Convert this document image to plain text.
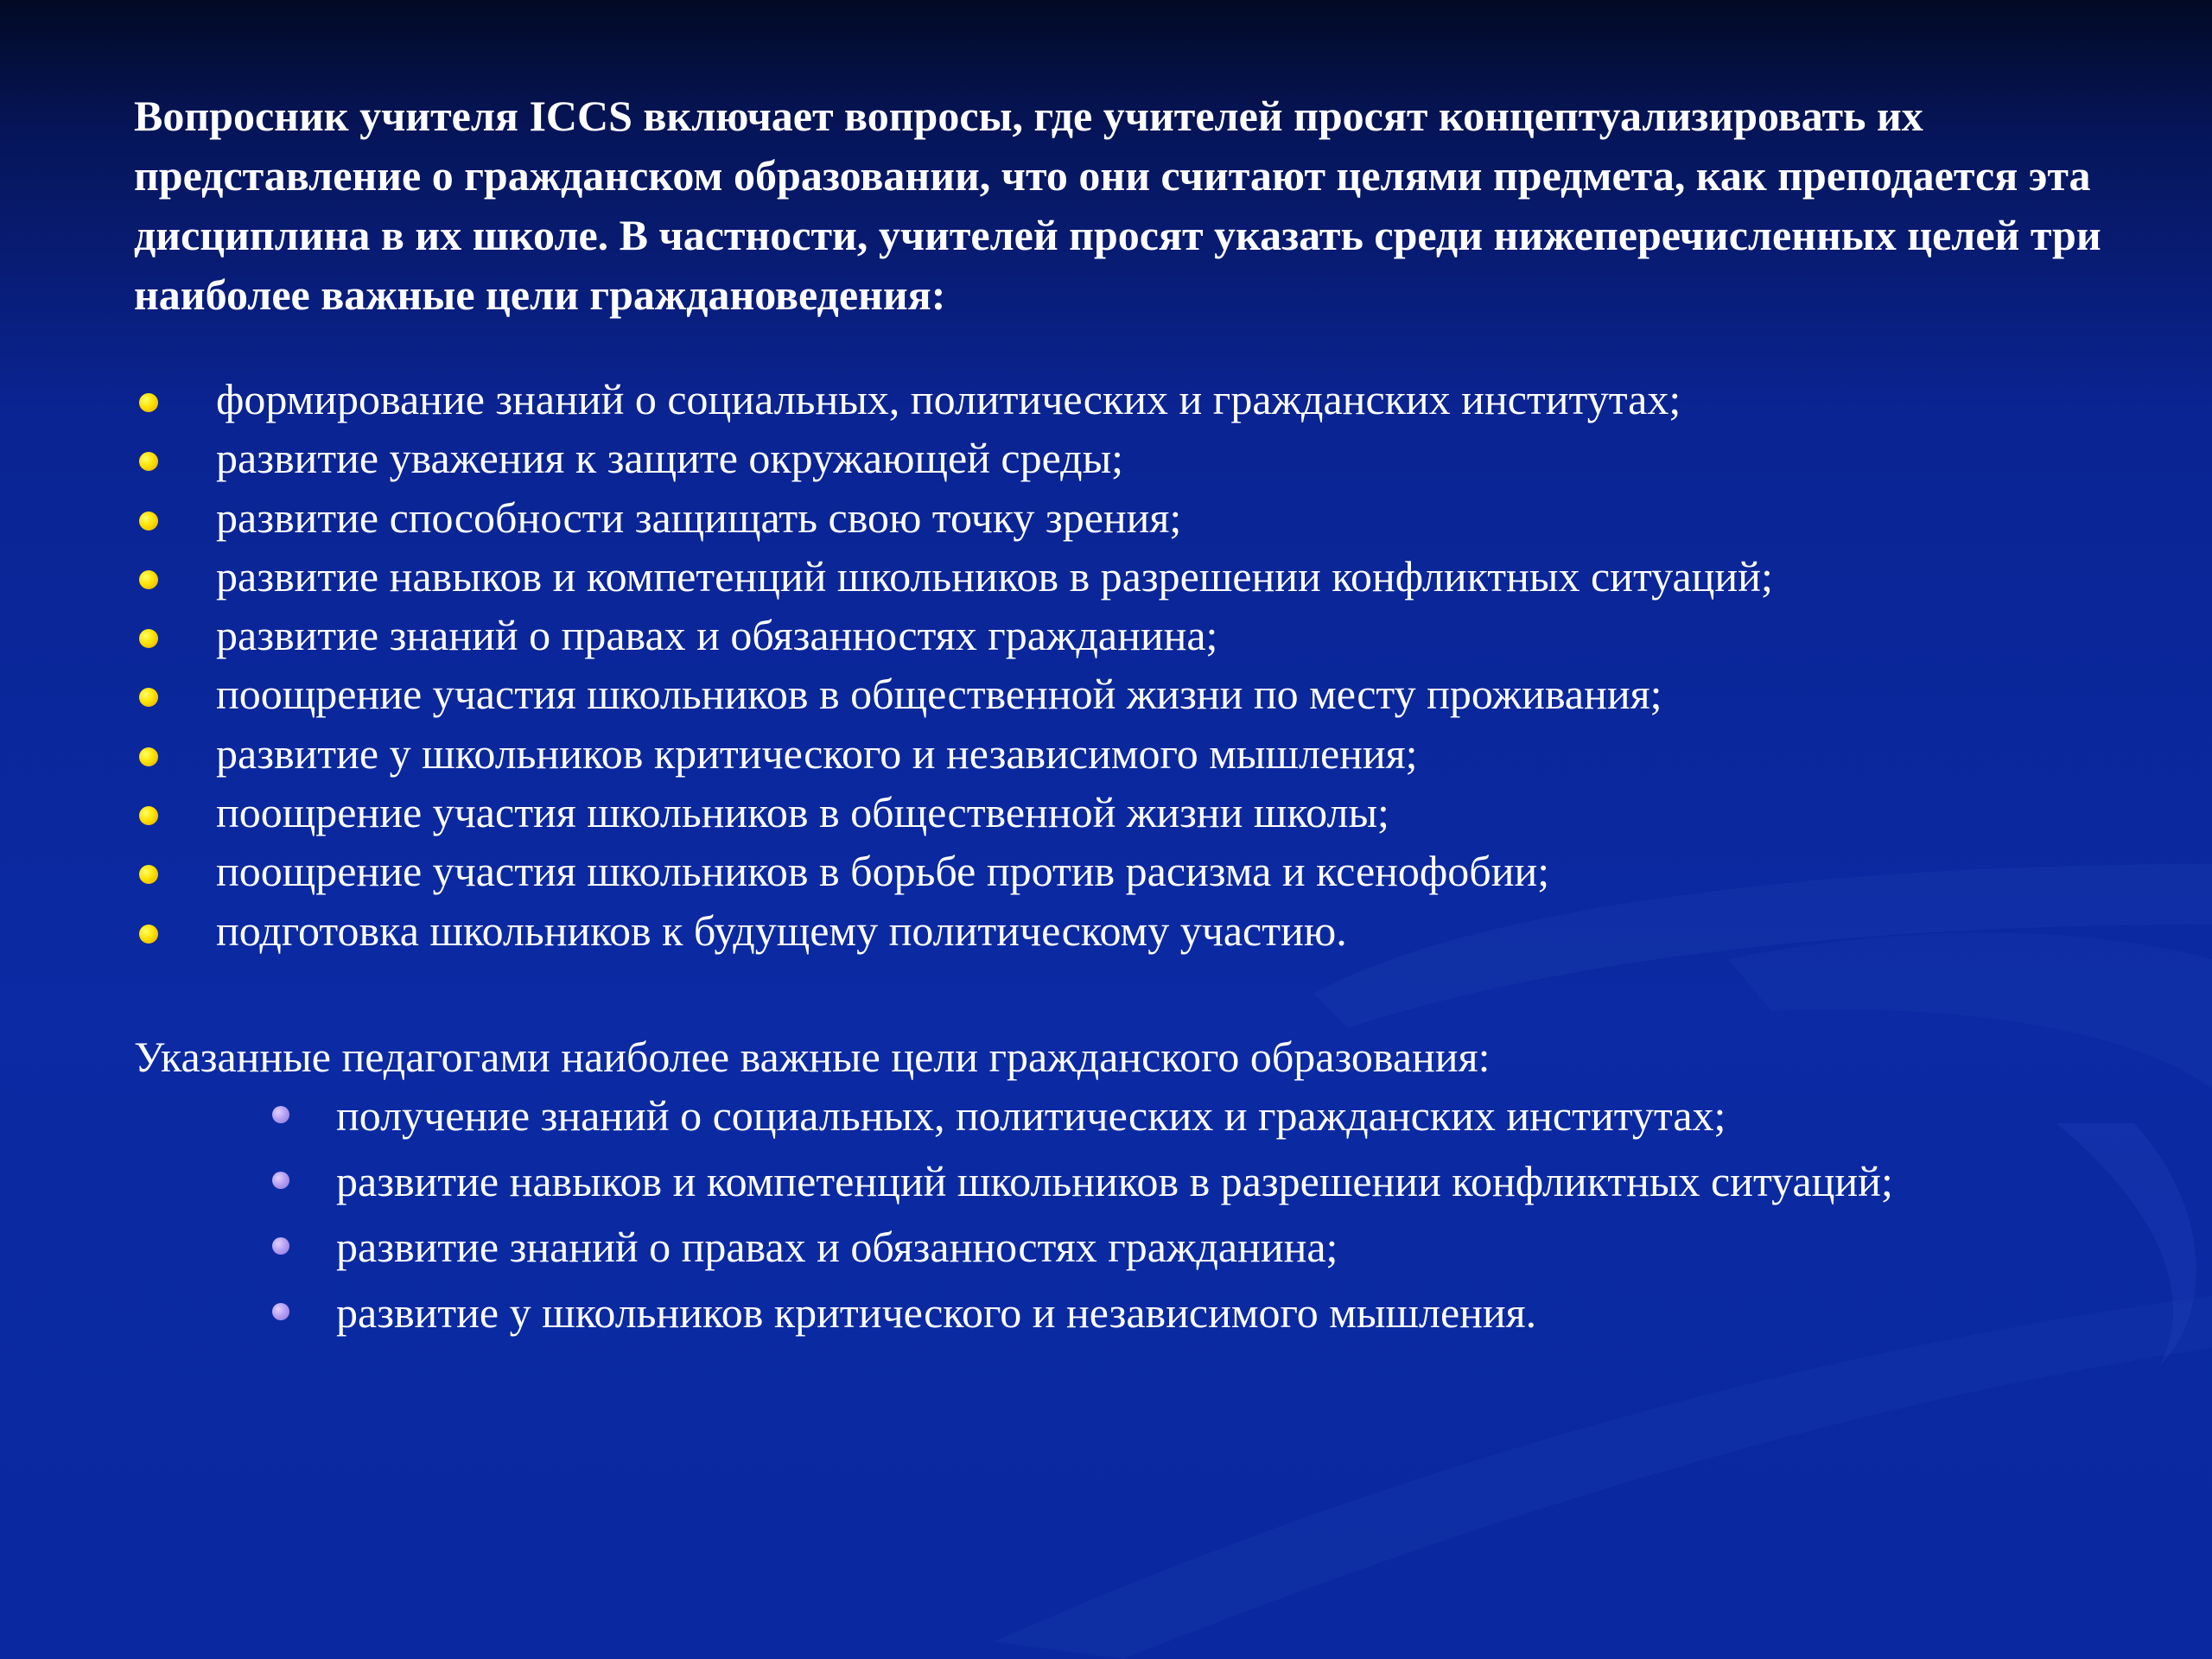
Вопросник учителя ICCS включает вопросы, где учителей просят концептуализировать их представление о гражданском образовании, что они считают целями предмета, как преподается эта дисциплина в их школе. В частности, учителей просят указать среди нижеперечисленных целей три наиболее важные цели граждановедения:

формирование знаний о социальных, политических и гражданских институтах;
развитие уважения к защите окружающей среды;
развитие способности защищать свою точку зрения;
развитие навыков и компетенций школьников в разрешении конфликтных ситуаций;
развитие знаний о правах и обязанностях гражданина;
поощрение участия школьников в общественной жизни по месту проживания;
развитие у школьников критического и независимого мышления;
поощрение участия школьников в общественной жизни школы;
поощрение участия школьников в борьбе против расизма и ксенофобии;
подготовка школьников к будущему политическому участию.

Указанные педагогами наиболее важные цели гражданского образования:

получение знаний о социальных, политических и гражданских институтах;
развитие навыков и компетенций школьников в разрешении конфликтных ситуаций;
развитие знаний о правах и обязанностях гражданина;
развитие у школьников критического и независимого мышления.
